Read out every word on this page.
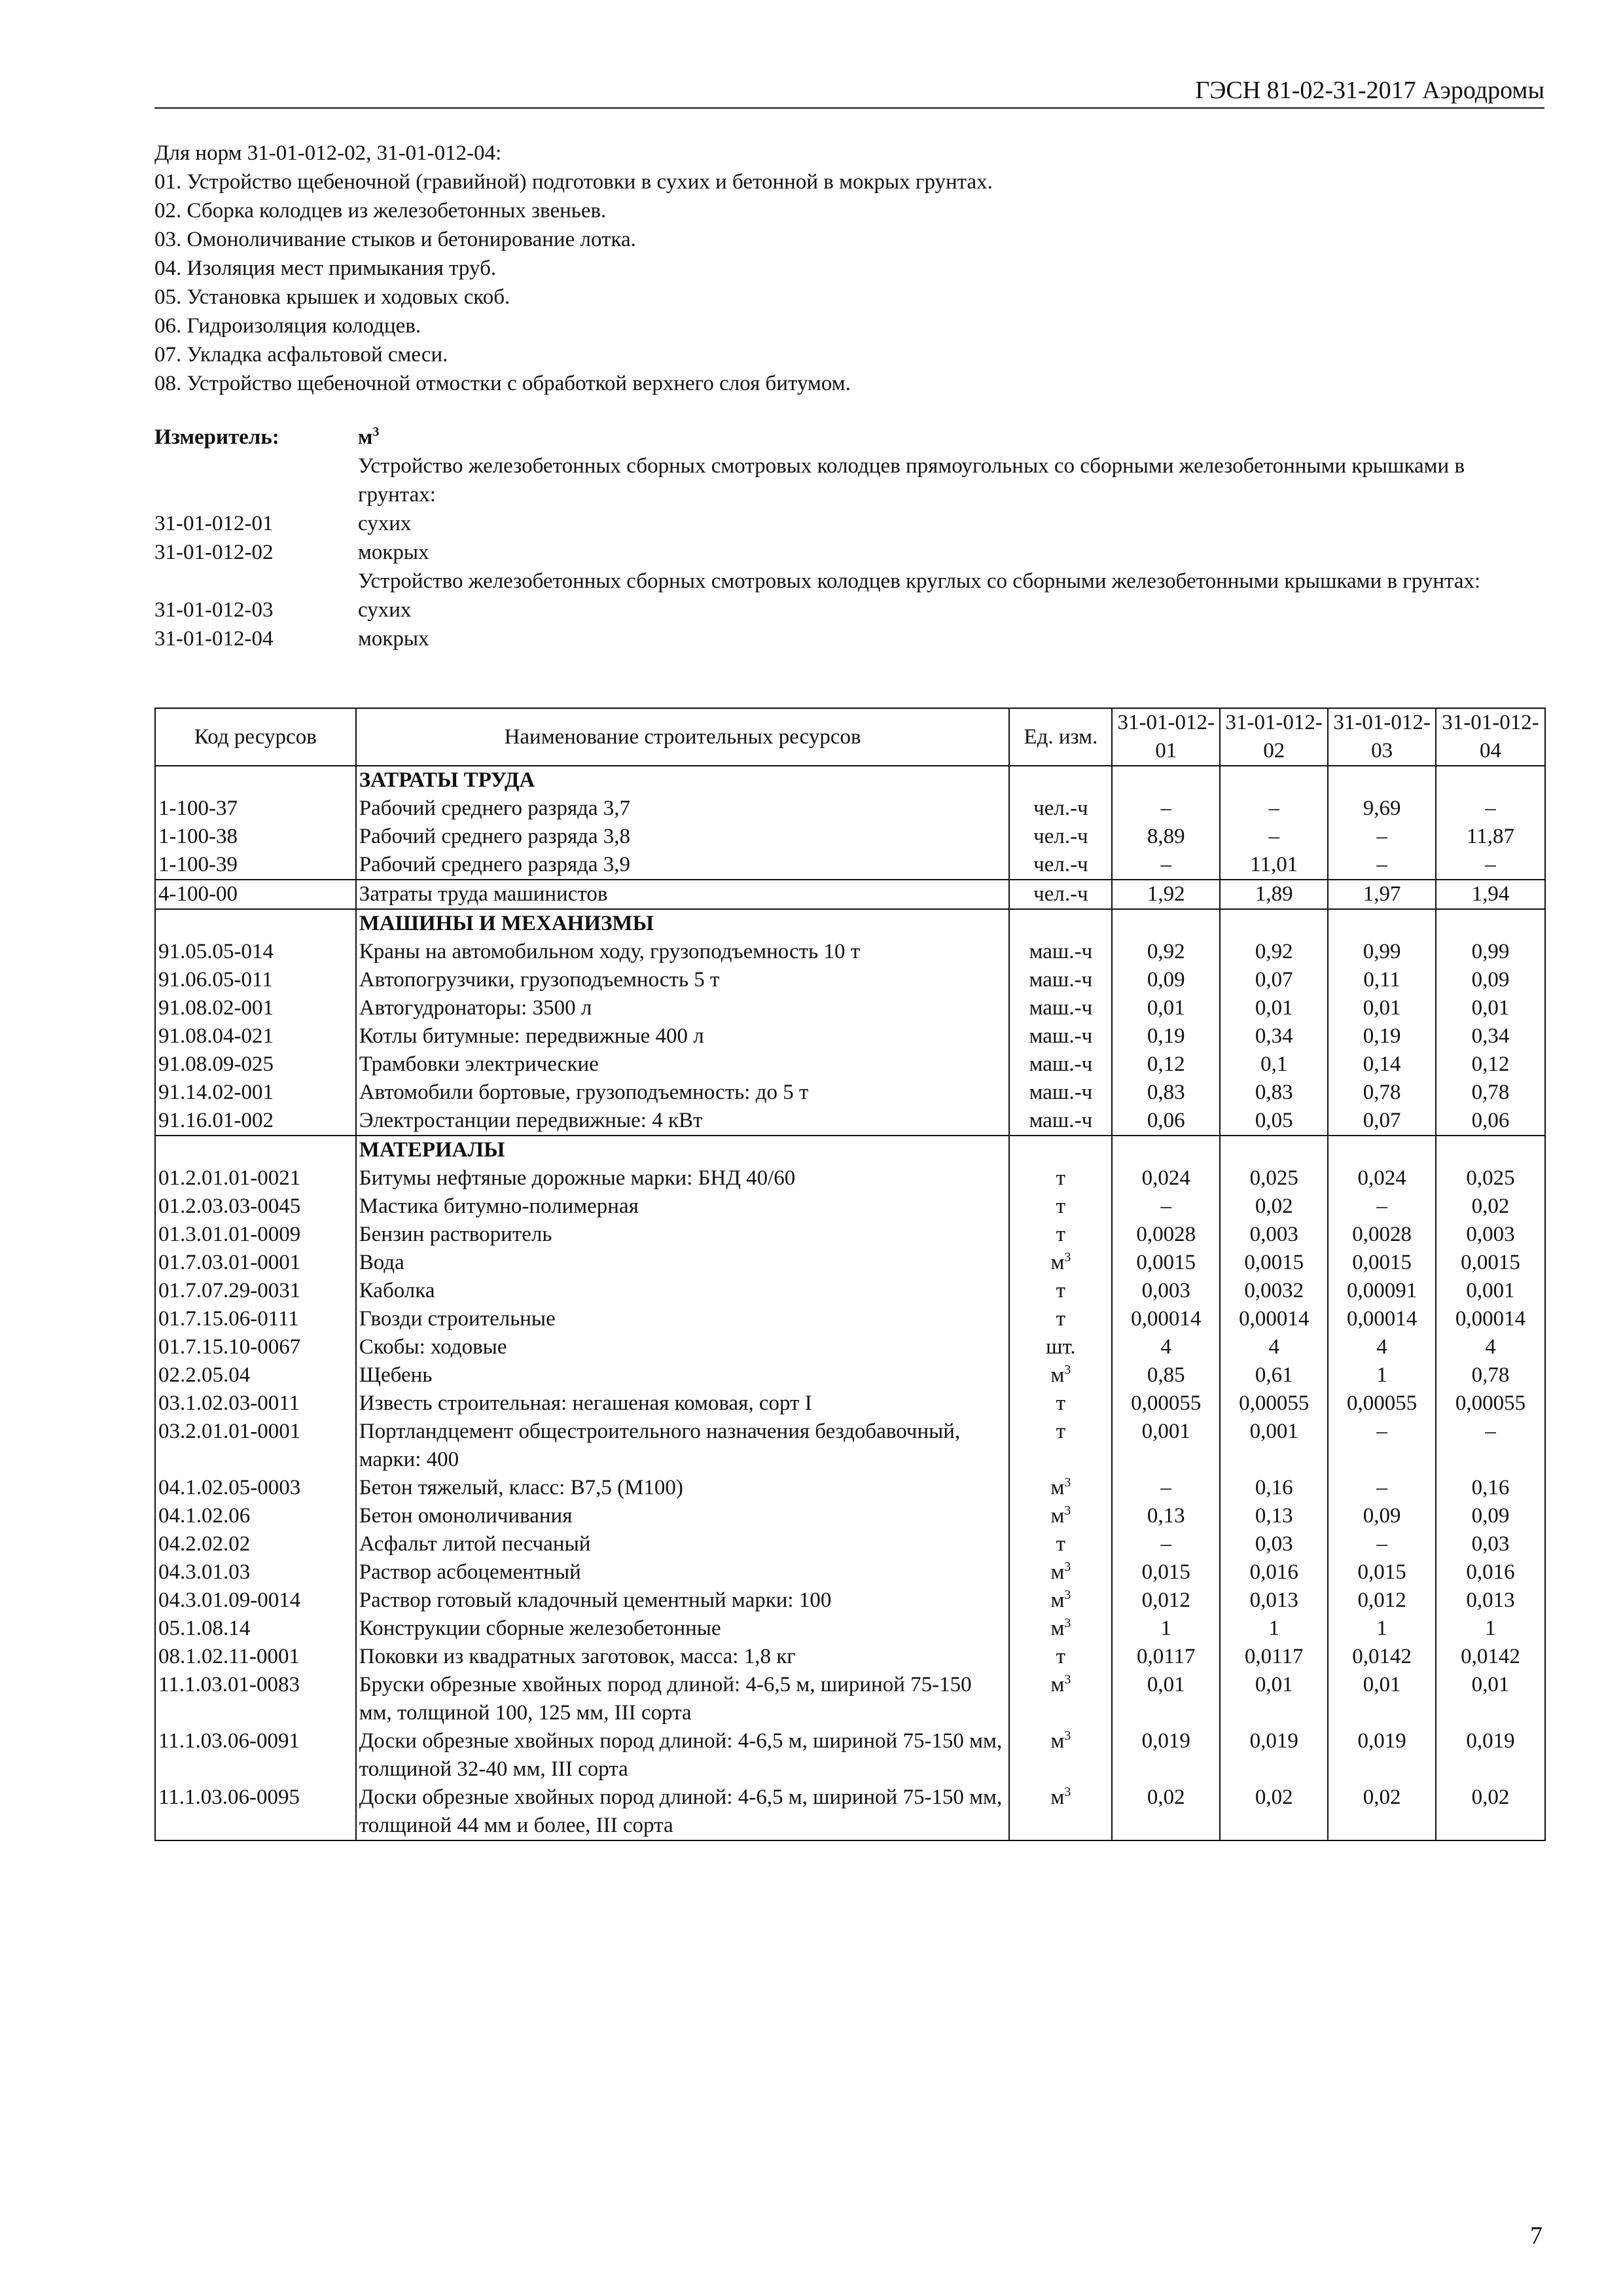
ГЭСН 81-02-31-2017 Аэродромы
Для норм 31-01-012-02, 31-01-012-04:
01. Устройство щебеночной (гравийной) подготовки в сухих и бетонной в мокрых грунтах.
02. Сборка колодцев из железобетонных звеньев.
03. Омоноличивание стыков и бетонирование лотка.
04. Изоляция мест примыкания труб.
05. Установка крышек и ходовых скоб.
06. Гидроизоляция колодцев.
07. Укладка асфальтовой смеси.
08. Устройство щебеночной отмостки с обработкой верхнего слоя битумом.
Измеритель:	$м^3$
Устройство железобетонных сборных смотровых колодцев прямоугольных со сборными железобетонными крышками в грунтах:
31-01-012-01	сухих
31-01-012-02	мокрых
Устройство железобетонных сборных смотровых колодцев круглых со сборными железобетонными крышками в грунтах:
31-01-012-03	сухих
31-01-012-04	мокрых
Код ресурсов	Наименование строительных ресурсов	Ед. изм.	31-01-012-01	31-01-012-02	31-01-012-03	31-01-012-04
	ЗАТРАТЫ ТРУДА					
1-100-37	Рабочий среднего разряда 3,7	чел.-ч	–	–	9,69	–
1-100-38	Рабочий среднего разряда 3,8	чел.-ч	8,89	–	–	11,87
1-100-39	Рабочий среднего разряда 3,9	чел.-ч	–	11,01	–	–
4-100-00	Затраты труда машинистов	чел.-ч	1,92	1,89	1,97	1,94
	МАШИНЫ И МЕХАНИЗМЫ					
91.05.05-014	Краны на автомобильном ходу, грузоподъемность 10 т	маш.-ч	0,92	0,92	0,99	0,99
91.06.05-011	Автопогрузчики, грузоподъемность 5 т	маш.-ч	0,09	0,07	0,11	0,09
91.08.02-001	Автогудронаторы: 3500 л	маш.-ч	0,01	0,01	0,01	0,01
91.08.04-021	Котлы битумные: передвижные 400 л	маш.-ч	0,19	0,34	0,19	0,34
91.08.09-025	Трамбовки электрические	маш.-ч	0,12	0,1	0,14	0,12
91.14.02-001	Автомобили бортовые, грузоподъемность: до 5 т	маш.-ч	0,83	0,83	0,78	0,78
91.16.01-002	Электростанции передвижные: 4 кВт	маш.-ч	0,06	0,05	0,07	0,06
	МАТЕРИАЛЫ					
01.2.01.01-0021	Битумы нефтяные дорожные марки: БНД 40/60	т	0,024	0,025	0,024	0,025
01.2.03.03-0045	Мастика битумно-полимерная	т	–	0,02	–	0,02
01.3.01.01-0009	Бензин растворитель	т	0,0028	0,003	0,0028	0,003
01.7.03.01-0001	Вода	$м^3$	0,0015	0,0015	0,0015	0,0015
01.7.07.29-0031	Каболка	т	0,003	0,0032	0,00091	0,001
01.7.15.06-0111	Гвозди строительные	т	0,00014	0,00014	0,00014	0,00014
01.7.15.10-0067	Скобы: ходовые	шт.	4	4	4	4
02.2.05.04	Щебень	$м^3$	0,85	0,61	1	0,78
03.1.02.03-0011	Известь строительная: негашеная комовая, сорт I	т	0,00055	0,00055	0,00055	0,00055
03.2.01.01-0001	Портландцемент общестроительного назначения бездобавочный, марки: 400	т	0,001	0,001	–	–
04.1.02.05-0003	Бетон тяжелый, класс: В7,5 (М100)	$м^3$	–	0,16	–	0,16
04.1.02.06	Бетон омоноличивания	$м^3$	0,13	0,13	0,09	0,09
04.2.02.02	Асфальт литой песчаный	т	–	0,03	–	0,03
04.3.01.03	Раствор асбоцементный	$м^3$	0,015	0,016	0,015	0,016
04.3.01.09-0014	Раствор готовый кладочный цементный марки: 100	$м^3$	0,012	0,013	0,012	0,013
05.1.08.14	Конструкции сборные железобетонные	$м^3$	1	1	1	1
08.1.02.11-0001	Поковки из квадратных заготовок, масса: 1,8 кг	т	0,0117	0,0117	0,0142	0,0142
11.1.03.01-0083	Бруски обрезные хвойных пород длиной: 4-6,5 м, шириной 75-150 мм, толщиной 100, 125 мм, III сорта	$м^3$	0,01	0,01	0,01	0,01
11.1.03.06-0091	Доски обрезные хвойных пород длиной: 4-6,5 м, шириной 75-150 мм, толщиной 32-40 мм, III сорта	$м^3$	0,019	0,019	0,019	0,019
11.1.03.06-0095	Доски обрезные хвойных пород длиной: 4-6,5 м, шириной 75-150 мм, толщиной 44 мм и более, III сорта	$м^3$	0,02	0,02	0,02	0,02
7
